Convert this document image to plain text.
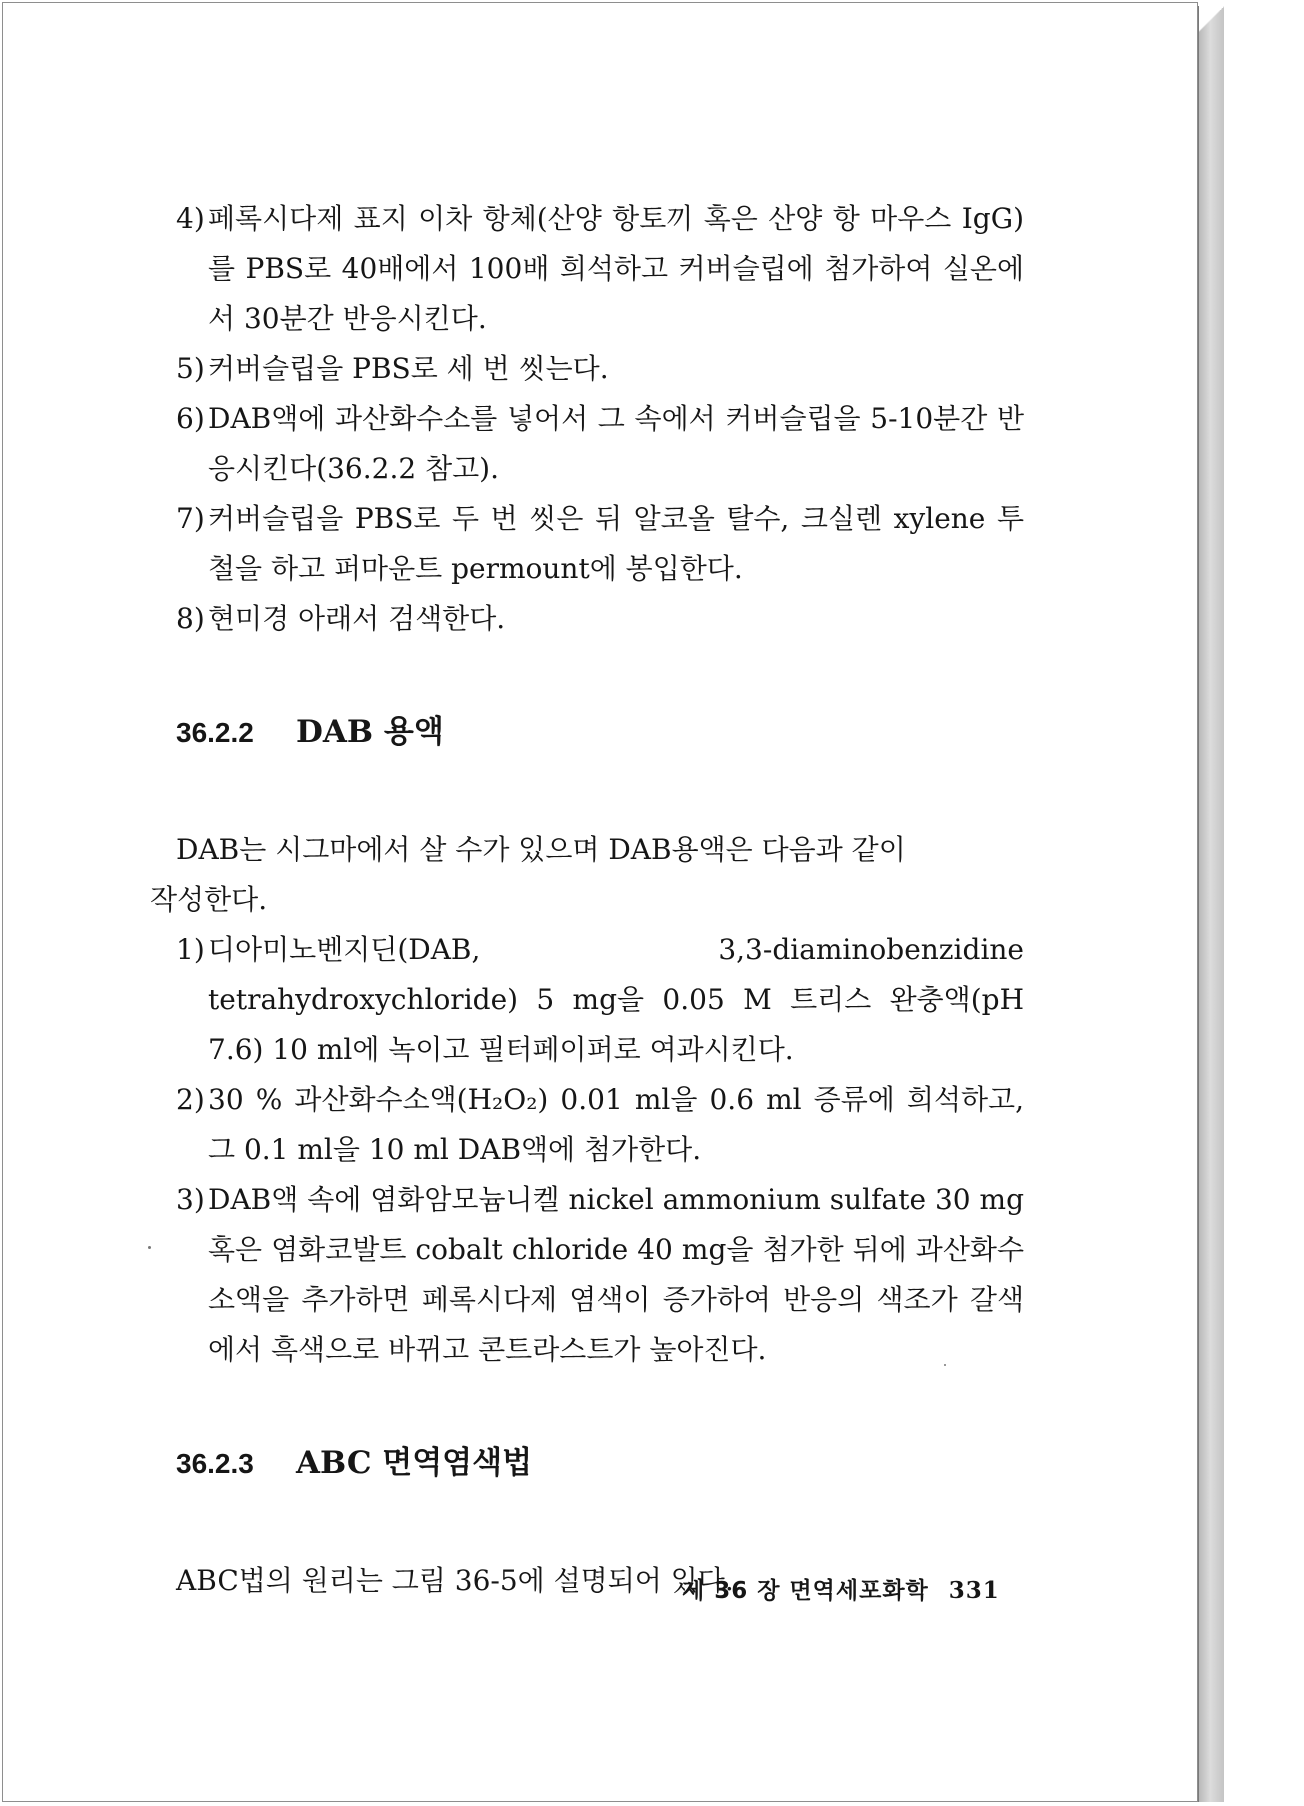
4) 페록시다제 표지 이차 항체(산양 항토끼 혹은 산양 항 마우스 IgG)를 PBS로 40배에서 100배 희석하고 커버슬립에 첨가하여 실온에서 30분간 반응시킨다.
5) 커버슬립을 PBS로 세 번 씻는다.
6) DAB액에 과산화수소를 넣어서 그 속에서 커버슬립을 5-10분간 반응시킨다(36.2.2 참고).
7) 커버슬립을 PBS로 두 번 씻은 뒤 알코올 탈수, 크실렌 xylene 투철을 하고 퍼마운트 permount에 봉입한다.
8) 현미경 아래서 검색한다.
36.2.2	DAB 용액

DAB는 시그마에서 살 수가 있으며 DAB용액은 다음과 같이
작성한다.

1) 디아미노벤지딘(DAB, 3,3-diaminobenzidine tetrahydroxychloride) 5 mg을 0.05 M 트리스 완충액(pH 7.6) 10 ml에 녹이고 필터페이퍼로 여과시킨다.
2) 30 % 과산화수소액(H₂O₂) 0.01 ml을 0.6 ml 증류에 희석하고, 그 0.1 ml을 10 ml DAB액에 첨가한다.
3) DAB액 속에 염화암모늄니켈 nickel ammonium sulfate 30 mg 혹은 염화코발트 cobalt chloride 40 mg을 첨가한 뒤에 과산화수소액을 추가하면 페록시다제 염색이 증가하여 반응의 색조가 갈색에서 흑색으로 바뀌고 콘트라스트가 높아진다.
36.2.3	ABC 면역염색법

ABC법의 원리는 그림 36-5에 설명되어 있다.

제 36 장 면역세포화학 331
